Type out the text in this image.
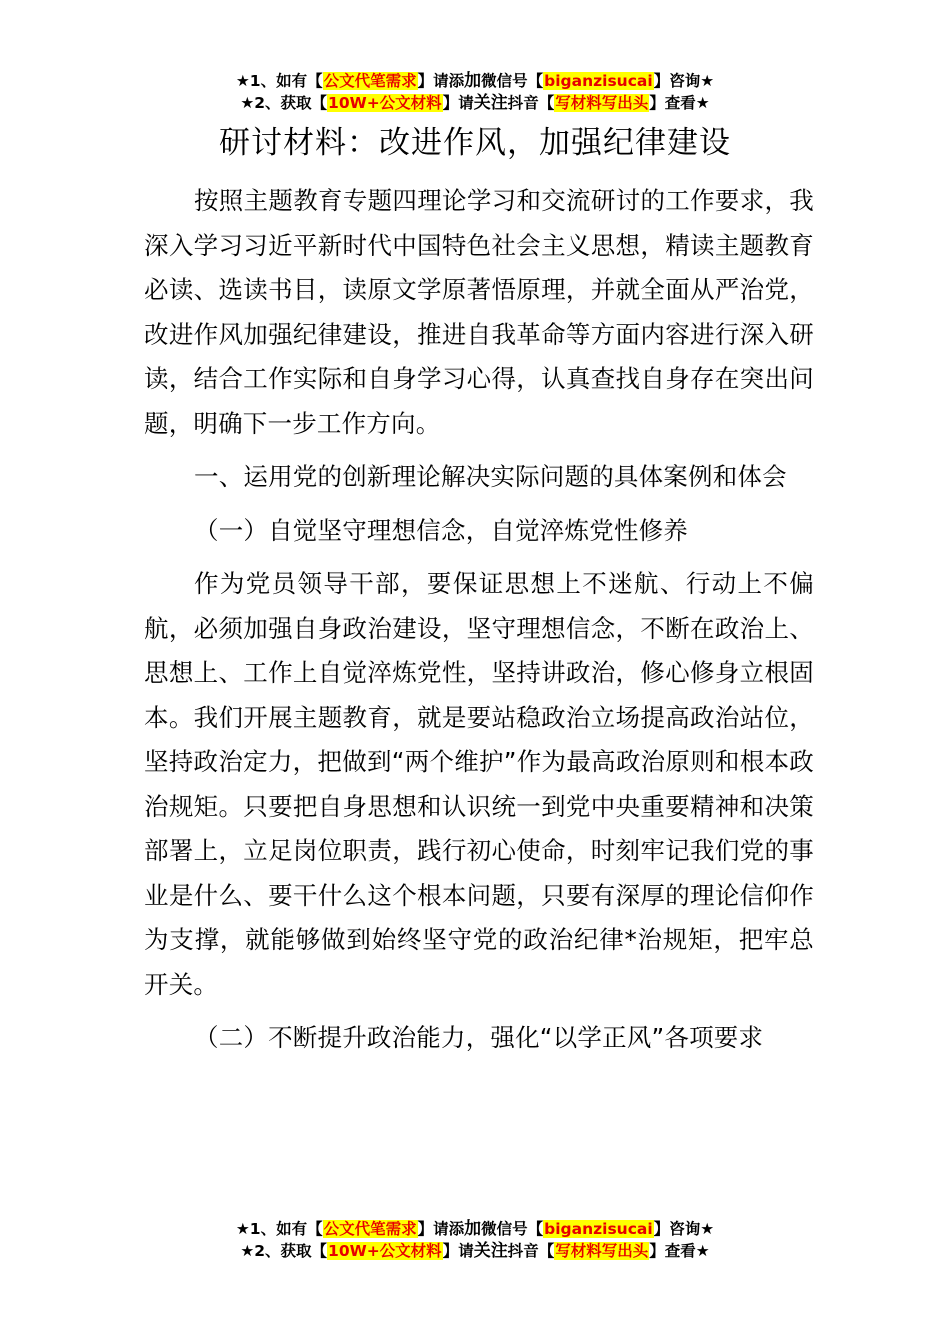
★1、如有【公文代笔需求】请添加微信号【biganzisucai】咨询★
★2、获取【10W+公文材料】请关注抖音【写材料写出头】查看★
研讨材料：改进作风，加强纪律建设

按照主题教育专题四理论学习和交流研讨的工作要求，我深入学习习近平新时代中国特色社会主义思想，精读主题教育必读、选读书目，读原文学原著悟原理，并就全面从严治党，改进作风加强纪律建设，推进自我革命等方面内容进行深入研读，结合工作实际和自身学习心得，认真查找自身存在突出问题，明确下一步工作方向。

一、运用党的创新理论解决实际问题的具体案例和体会

（一）自觉坚守理想信念，自觉淬炼党性修养

作为党员领导干部，要保证思想上不迷航、行动上不偏航，必须加强自身政治建设，坚守理想信念，不断在政治上、思想上、工作上自觉淬炼党性，坚持讲政治，修心修身立根固本。我们开展主题教育，就是要站稳政治立场提高政治站位，坚持政治定力，把做到“两个维护”作为最高政治原则和根本政治规矩。只要把自身思想和认识统一到党中央重要精神和决策部署上，立足岗位职责，践行初心使命，时刻牢记我们党的事业是什么、要干什么这个根本问题，只要有深厚的理论信仰作为支撑，就能够做到始终坚守党的政治纪律*治规矩，把牢总开关。

（二）不断提升政治能力，强化“以学正风”各项要求

★1、如有【公文代笔需求】请添加微信号【biganzisucai】咨询★
★2、获取【10W+公文材料】请关注抖音【写材料写出头】查看★
